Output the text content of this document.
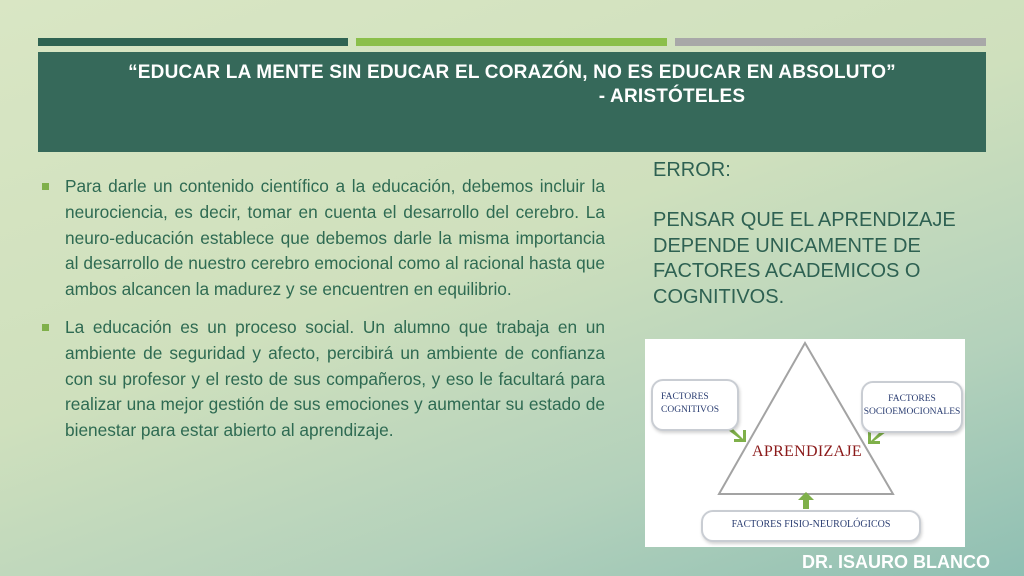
“EDUCAR LA MENTE SIN EDUCAR EL CORAZÓN, NO ES EDUCAR EN ABSOLUTO”
- ARISTÓTELES
Para darle un contenido científico a la educación, debemos incluir la neurociencia, es decir, tomar en cuenta el desarrollo del cerebro. La neuro-educación establece que debemos darle la misma importancia al desarrollo de nuestro cerebro emocional como al racional hasta que ambos alcancen la madurez y se encuentren en equilibrio.
La educación es un proceso social. Un alumno que trabaja en un ambiente de seguridad y afecto, percibirá un ambiente de confianza con su profesor y el resto de sus compañeros, y eso le facultará para realizar una mejor gestión de sus emociones y aumentar su estado de bienestar para estar abierto al aprendizaje.
ERROR:
PENSAR QUE EL APRENDIZAJE DEPENDE UNICAMENTE DE FACTORES ACADEMICOS O COGNITIVOS.
FACTORES COGNITIVOS
FACTORES SOCIOEMOCIONALES
FACTORES FISIO-NEUROLÓGICOS
APRENDIZAJE
DR. ISAURO BLANCO
